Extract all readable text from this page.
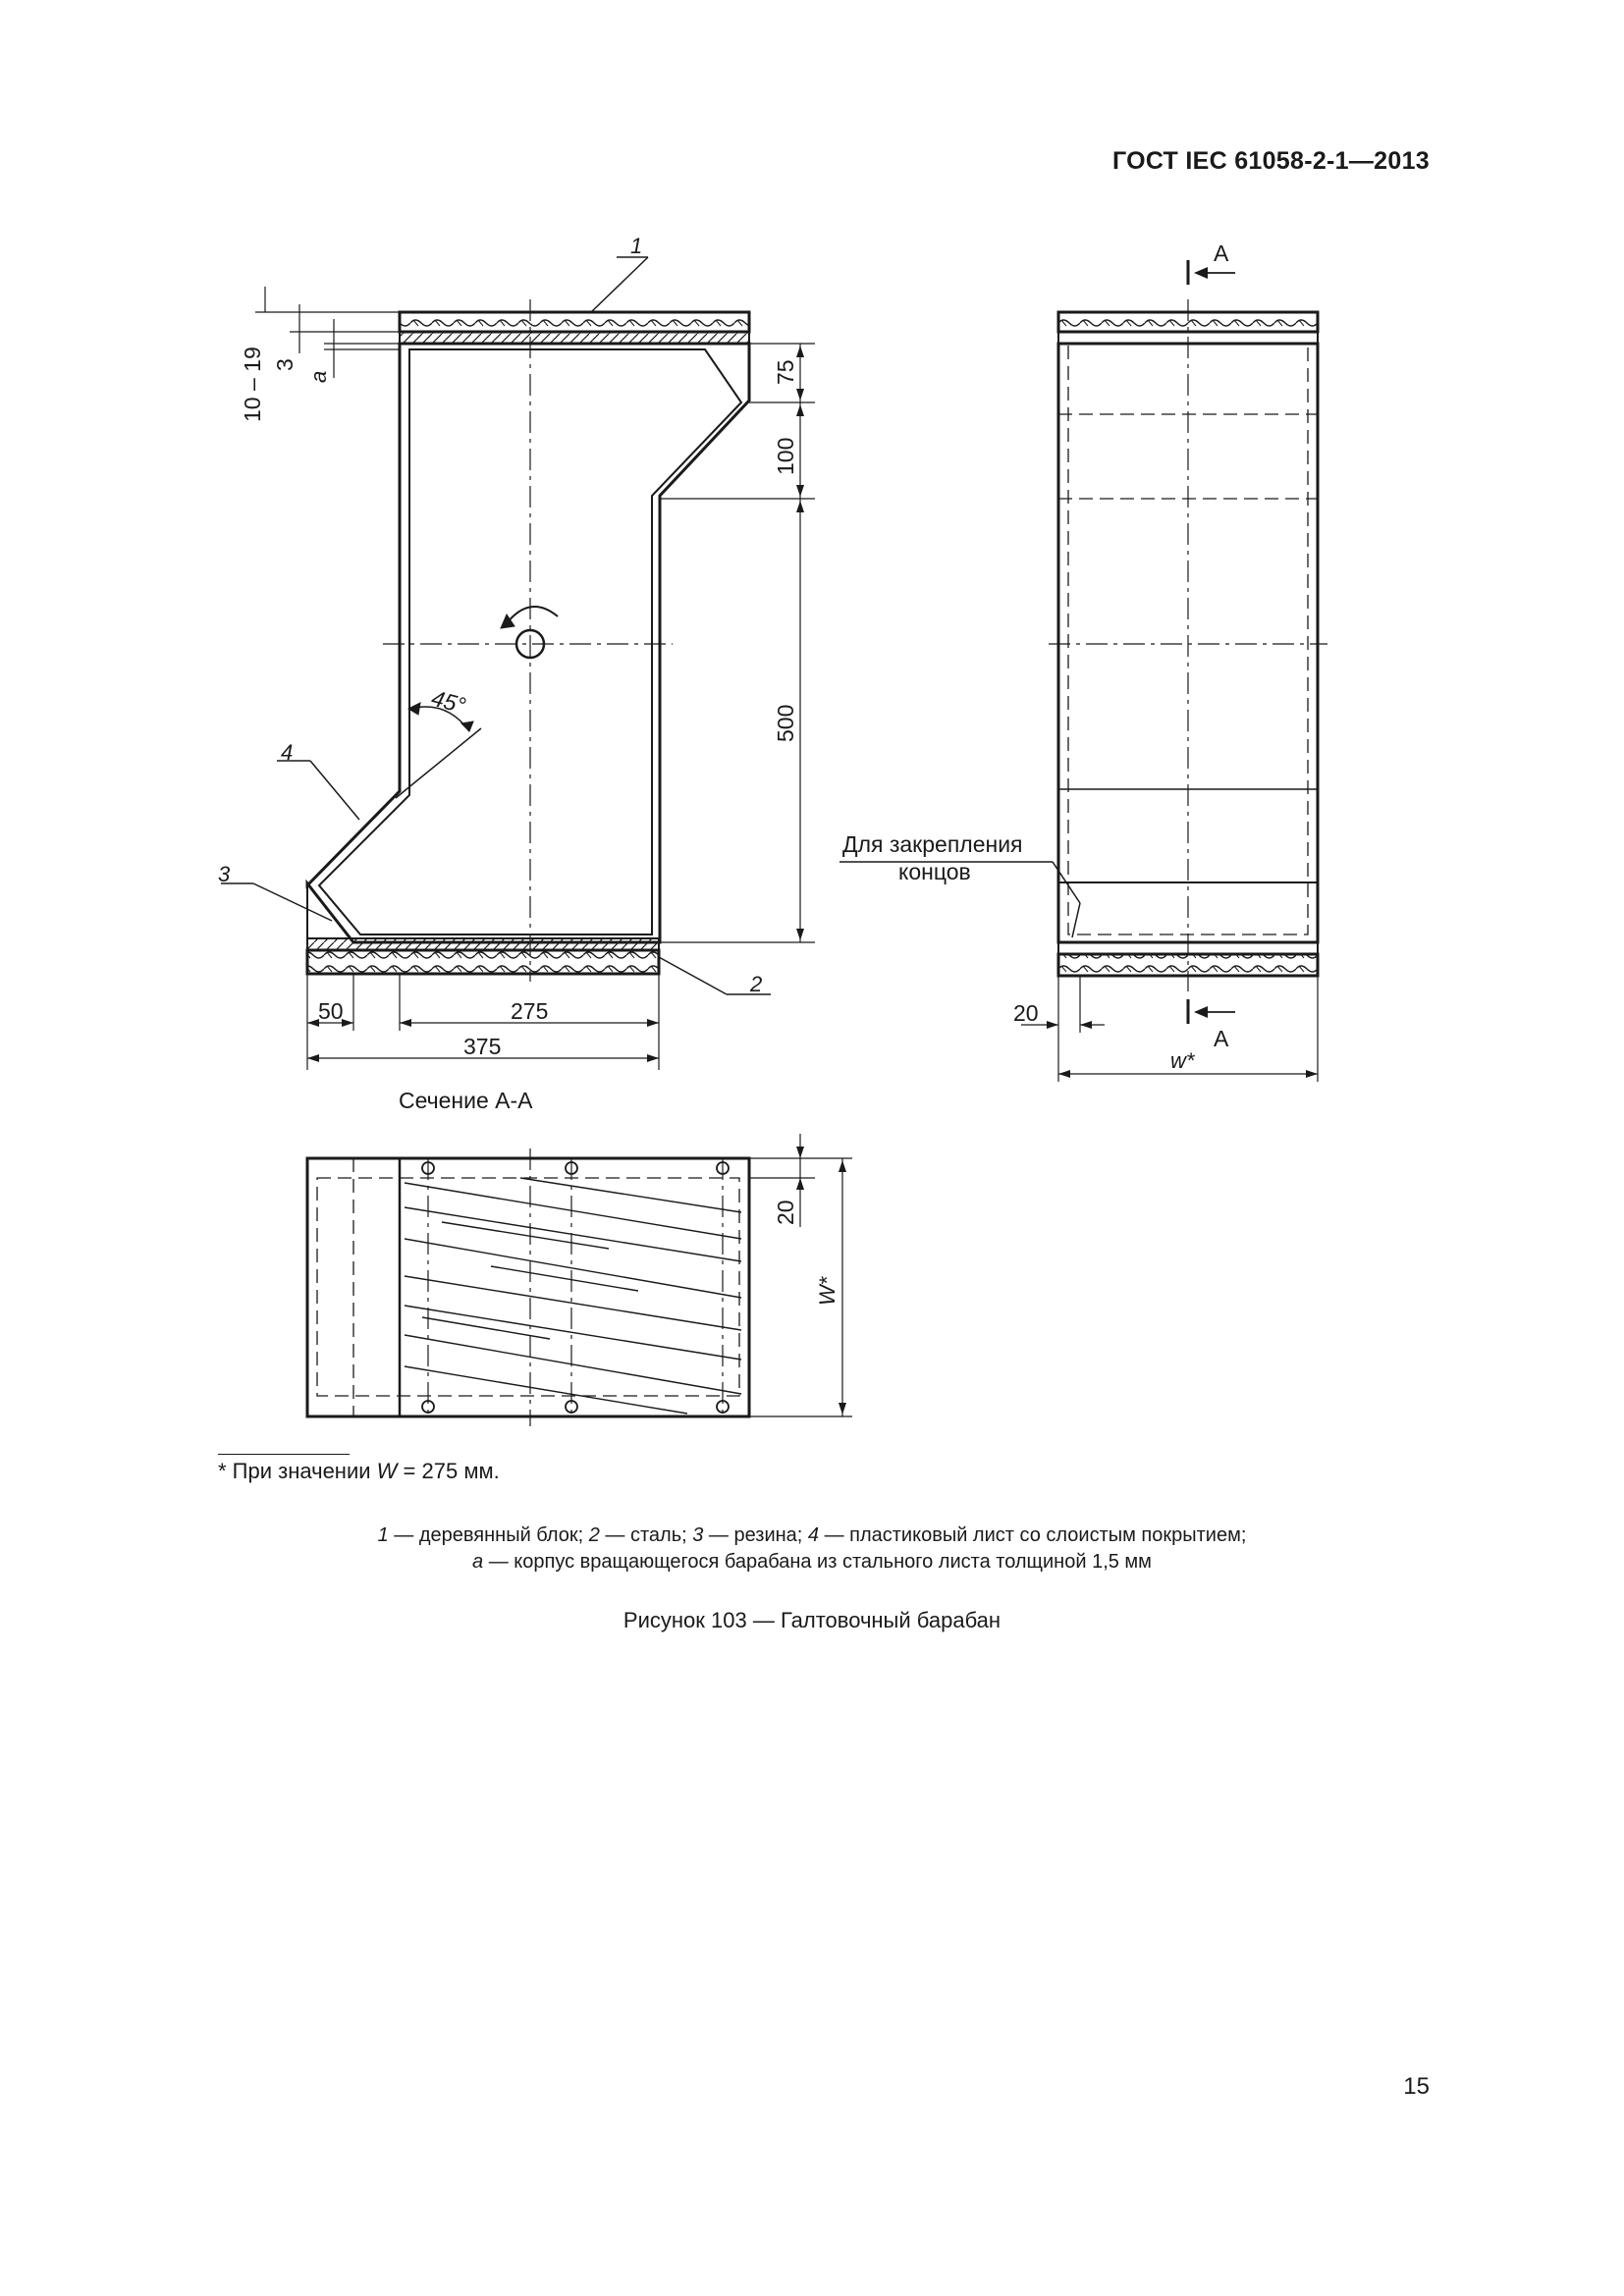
ГОСТ IEC 61058-2-1—2013
1
4
3
2
10 – 19 3
a	75
100
500
50	275
375
45°
A
A
Для закрепления
концов
20
w*
Сечение А-А
20
W*
* При значении W = 275 мм.
1 — деревянный блок; 2 — сталь; 3 — резина; 4 — пластиковый лист со слоистым покрытием;
а — корпус вращающегося барабана из стального листа толщиной 1,5 мм
Рисунок 103 — Галтовочный барабан
15
